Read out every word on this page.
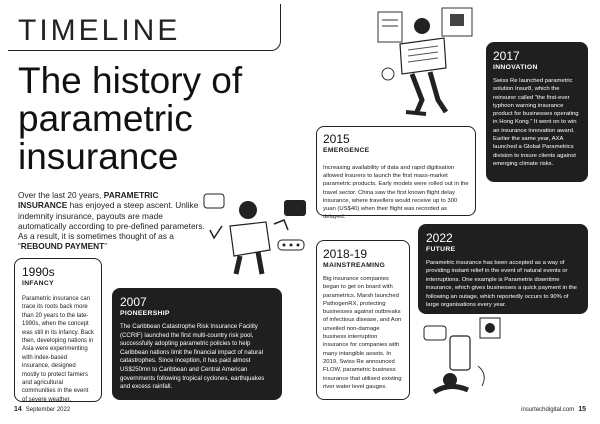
TIMELINE
The history of parametric insurance
Over the last 20 years, PARAMETRIC INSURANCE has enjoyed a steep ascent. Unlike indemnity insurance, payouts are made automatically according to pre-defined parameters. As a result, it is sometimes thought of as a “REBOUND PAYMENT”
1990s
INFANCY
Parametric insurance can trace its roots back more than 20 years to the late-1990s, when the concept was still in its infancy. Back then, developing nations in Asia were experimenting with index-based insurance, designed mostly to protect farmers and agricultural communities in the event of severe weather.
2007
PIONEERSHIP
The Caribbean Catastrophe Risk Insurance Facility (CCRIF) launched the first multi-country risk pool, successfully adopting parametric policies to help Caribbean nations limit the financial impact of natural catastrophes. Since inception, it has paid almost US$250mn to Caribbean and Central American governments following tropical cyclones, earthquakes and excess rainfall.
2015
EMERGENCE
Increasing availability of data and rapid digitisation allowed insurers to launch the first mass-market parametric products. Early models were rolled out in the travel sector. China saw the first known flight delay insurance, where travellers would receive up to 300 yuan (US$40) when their flight was recorded as delayed.
2017
INNOVATION
Swiss Re launched parametric solution Insur8, which the reinsurer called “the first-ever typhoon warning insurance product for businesses operating in Hong Kong.” It went on to win an insurance innovation award. Earlier the same year, AXA launched a Global Parametrics division to insure clients against emerging climate risks.
2018-19
MAINSTREAMING
Big insurance companies began to get on board with parametrics. Marsh launched PathogenRX, protecting businesses against outbreaks of infectious disease, and Aon unveiled non-damage business interruption insurance for companies with many intangible assets. In 2019, Swiss Re announced FLOW, parametric business insurance that utilised existing river water level gauges.
2022
FUTURE
Parametric insurance has been accepted as a way of providing instant relief in the event of natural events or interruptions. One example is Parametrix downtime insurance, which gives businesses a quick payment in the following an outage, which reportedly occurs to 90% of large organisations every year.
14 September 2022	insurtechdigital.com 15
